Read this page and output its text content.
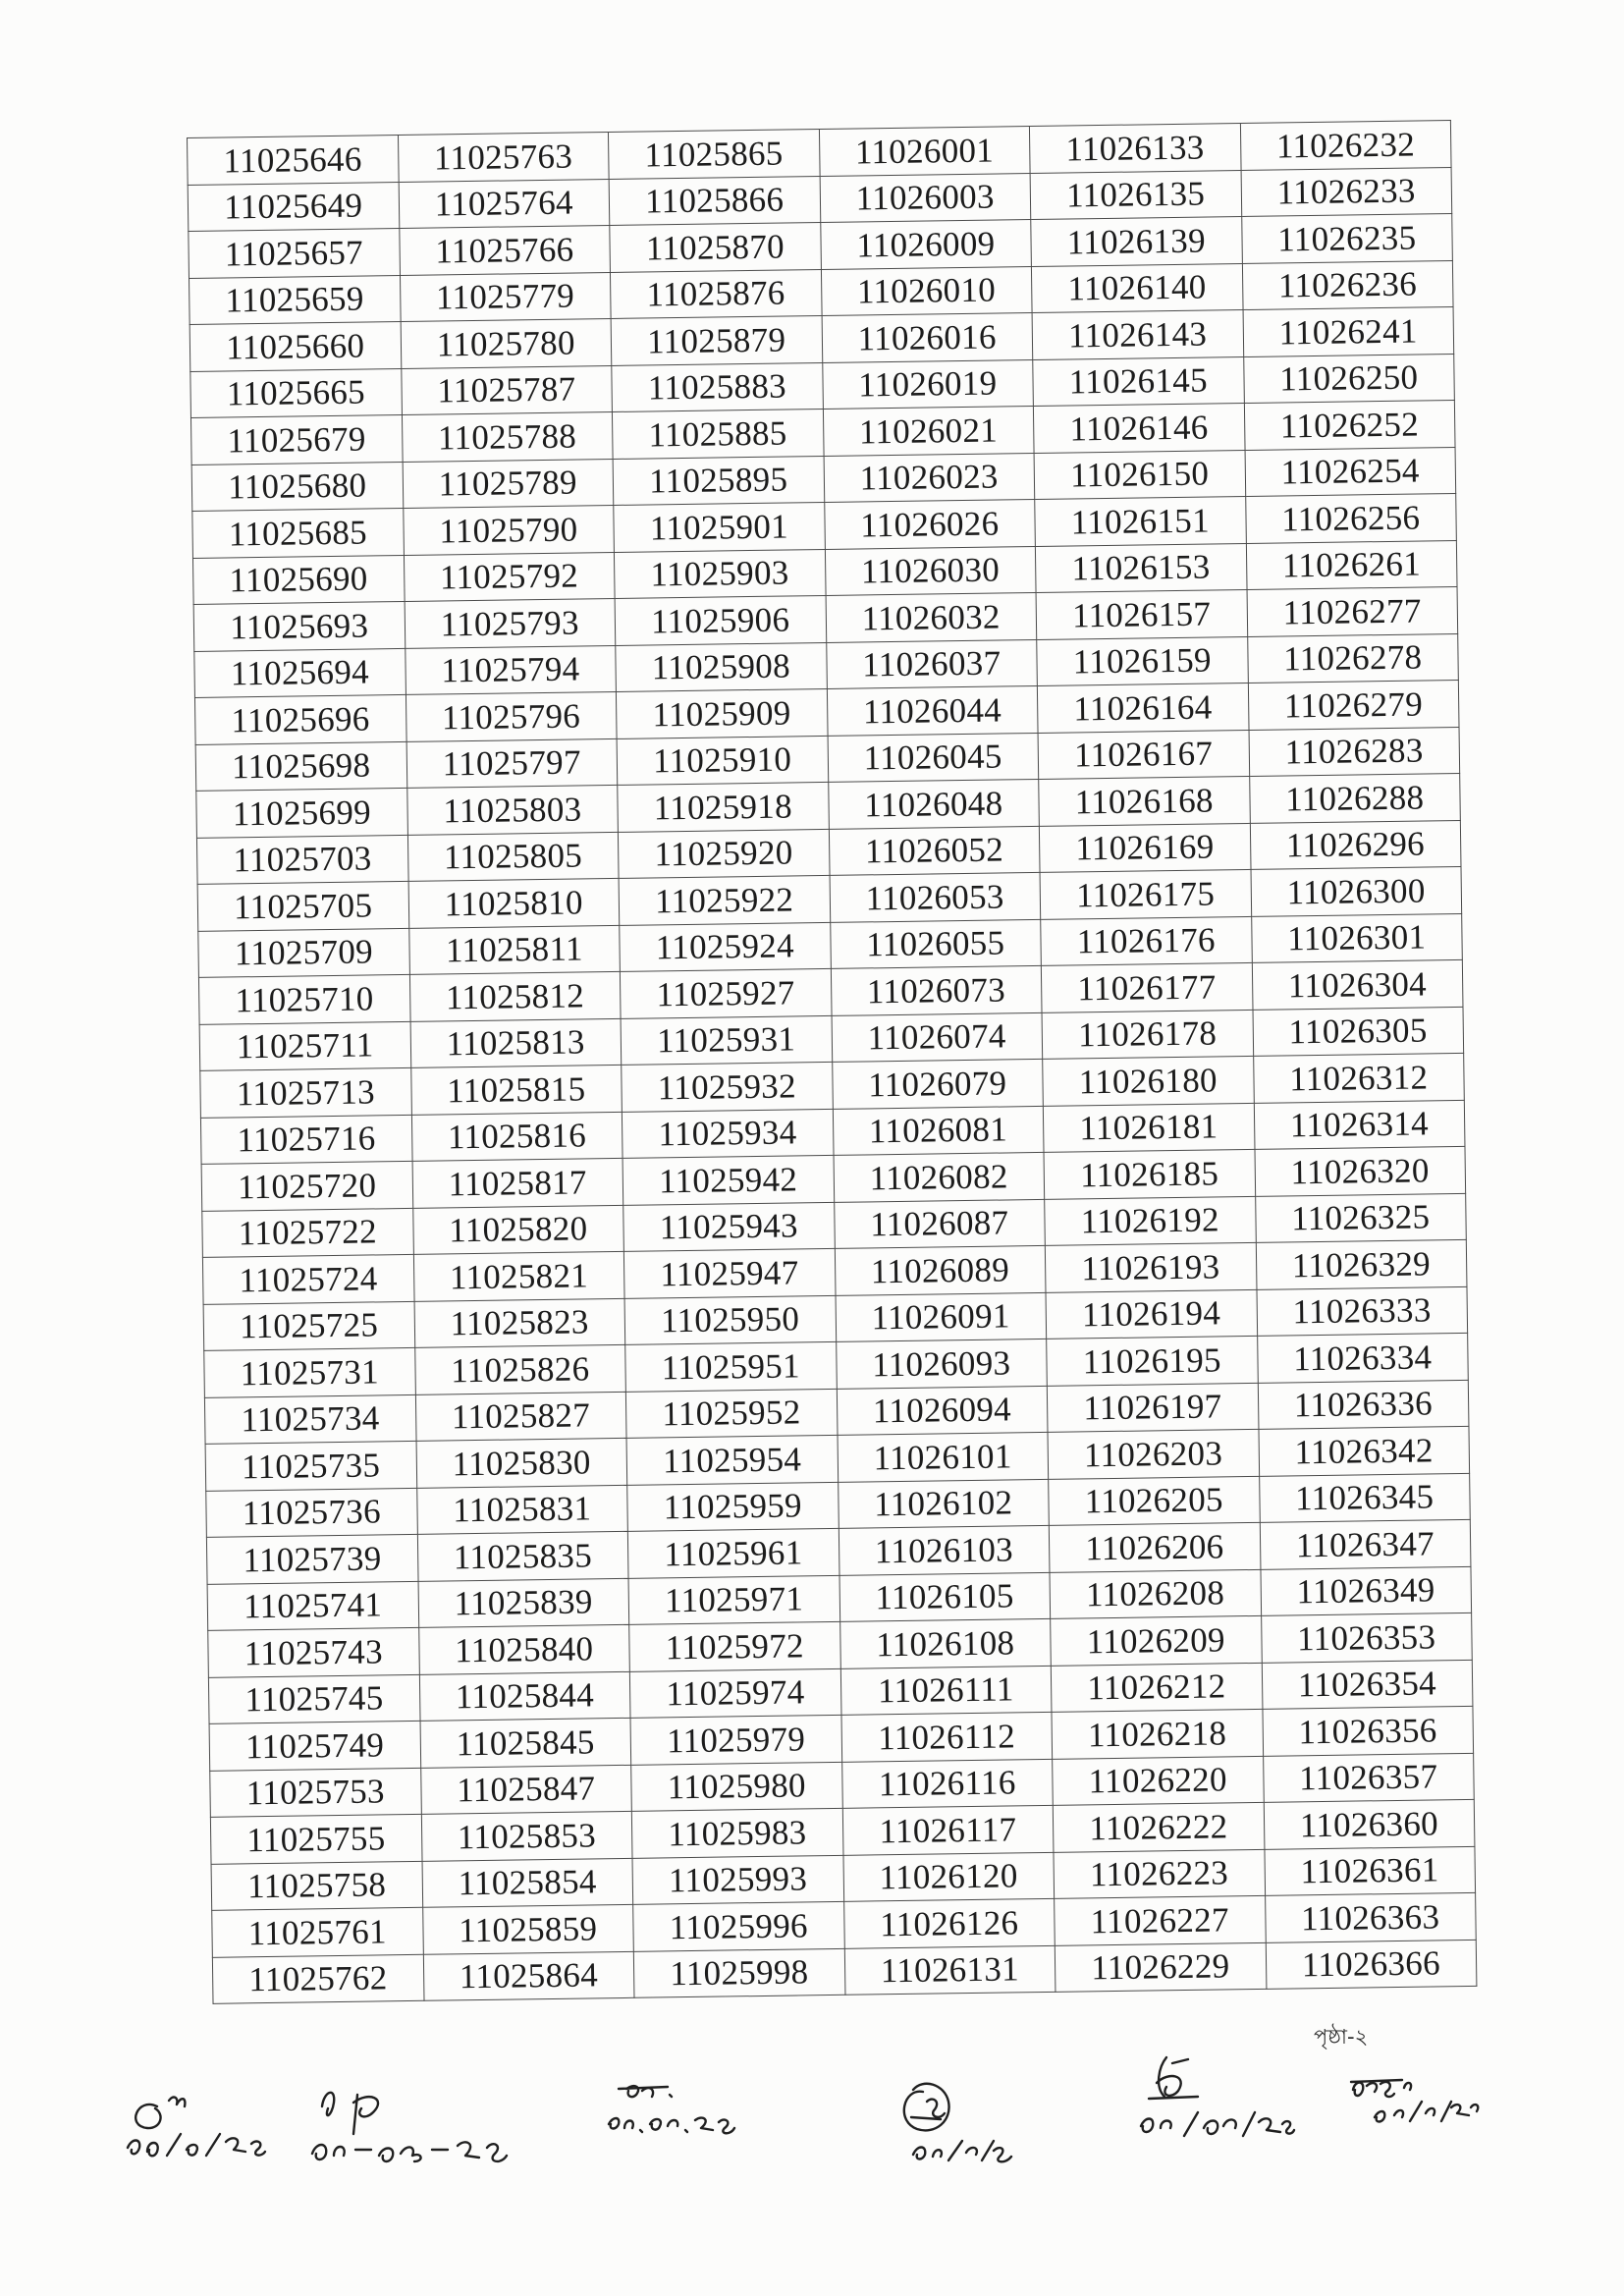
11025646	11025763	11025865	11026001	11026133	11026232
11025649	11025764	11025866	11026003	11026135	11026233
11025657	11025766	11025870	11026009	11026139	11026235
11025659	11025779	11025876	11026010	11026140	11026236
11025660	11025780	11025879	11026016	11026143	11026241
11025665	11025787	11025883	11026019	11026145	11026250
11025679	11025788	11025885	11026021	11026146	11026252
11025680	11025789	11025895	11026023	11026150	11026254
11025685	11025790	11025901	11026026	11026151	11026256
11025690	11025792	11025903	11026030	11026153	11026261
11025693	11025793	11025906	11026032	11026157	11026277
11025694	11025794	11025908	11026037	11026159	11026278
11025696	11025796	11025909	11026044	11026164	11026279
11025698	11025797	11025910	11026045	11026167	11026283
11025699	11025803	11025918	11026048	11026168	11026288
11025703	11025805	11025920	11026052	11026169	11026296
11025705	11025810	11025922	11026053	11026175	11026300
11025709	11025811	11025924	11026055	11026176	11026301
11025710	11025812	11025927	11026073	11026177	11026304
11025711	11025813	11025931	11026074	11026178	11026305
11025713	11025815	11025932	11026079	11026180	11026312
11025716	11025816	11025934	11026081	11026181	11026314
11025720	11025817	11025942	11026082	11026185	11026320
11025722	11025820	11025943	11026087	11026192	11026325
11025724	11025821	11025947	11026089	11026193	11026329
11025725	11025823	11025950	11026091	11026194	11026333
11025731	11025826	11025951	11026093	11026195	11026334
11025734	11025827	11025952	11026094	11026197	11026336
11025735	11025830	11025954	11026101	11026203	11026342
11025736	11025831	11025959	11026102	11026205	11026345
11025739	11025835	11025961	11026103	11026206	11026347
11025741	11025839	11025971	11026105	11026208	11026349
11025743	11025840	11025972	11026108	11026209	11026353
11025745	11025844	11025974	11026111	11026212	11026354
11025749	11025845	11025979	11026112	11026218	11026356
11025753	11025847	11025980	11026116	11026220	11026357
11025755	11025853	11025983	11026117	11026222	11026360
11025758	11025854	11025993	11026120	11026223	11026361
11025761	11025859	11025996	11026126	11026227	11026363
11025762	11025864	11025998	11026131	11026229	11026366
পৃষ্ঠা-২
